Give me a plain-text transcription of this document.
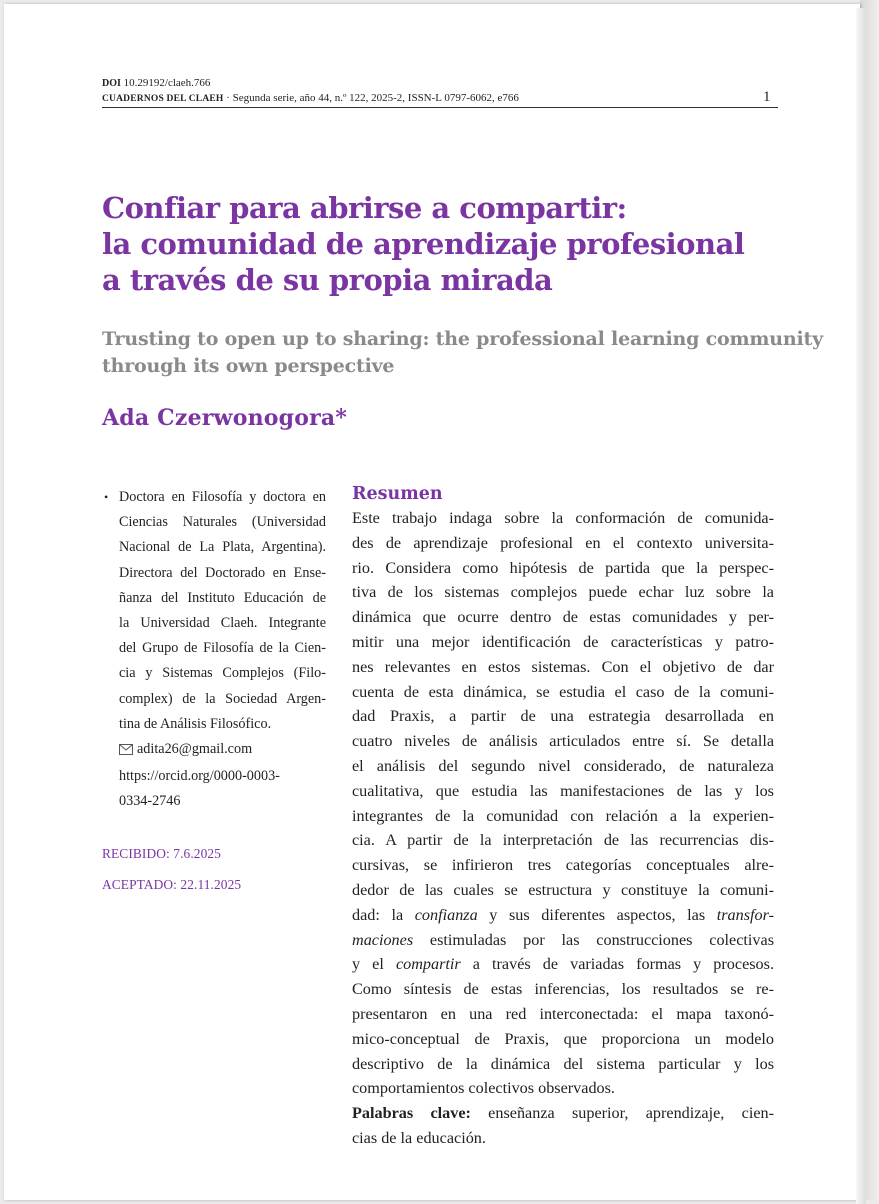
DOI 10.29192/claeh.766
CUADERNOS DEL CLAEH · Segunda serie, año 44, n.º 122, 2025-2, ISSN-L 0797-6062, e766	1
Confiar para abrirse a compartir:
la comunidad de aprendizaje profesional
a través de su propia mirada
Trusting to open up to sharing: the professional learning community
through its own perspective
Ada Czerwonogora*
• Doctora en Filosofía y doctora en
Ciencias Naturales (Universidad
Nacional de La Plata, Argentina).
Directora del Doctorado en Ense-
ñanza del Instituto Educación de
la Universidad Claeh. Integrante
del Grupo de Filosofía de la Cien-
cia y Sistemas Complejos (Filo-
complex) de la Sociedad Argen-
tina de Análisis Filosófico.
adita26@gmail.com
https://orcid.org/0000-0003-
0334-2746
RECIBIDO: 7.6.2025
ACEPTADO: 22.11.2025
Resumen
Este trabajo indaga sobre la conformación de comunida-
des de aprendizaje profesional en el contexto universita-
rio. Considera como hipótesis de partida que la perspec-
tiva de los sistemas complejos puede echar luz sobre la
dinámica que ocurre dentro de estas comunidades y per-
mitir una mejor identificación de características y patro-
nes relevantes en estos sistemas. Con el objetivo de dar
cuenta de esta dinámica, se estudia el caso de la comuni-
dad Praxis, a partir de una estrategia desarrollada en
cuatro niveles de análisis articulados entre sí. Se detalla
el análisis del segundo nivel considerado, de naturaleza
cualitativa, que estudia las manifestaciones de las y los
integrantes de la comunidad con relación a la experien-
cia. A partir de la interpretación de las recurrencias dis-
cursivas, se infirieron tres categorías conceptuales alre-
dedor de las cuales se estructura y constituye la comuni-
dad: la confianza y sus diferentes aspectos, las transfor-
maciones estimuladas por las construcciones colectivas
y el compartir a través de variadas formas y procesos.
Como síntesis de estas inferencias, los resultados se re-
presentaron en una red interconectada: el mapa taxonó-
mico-conceptual de Praxis, que proporciona un modelo
descriptivo de la dinámica del sistema particular y los
comportamientos colectivos observados.
Palabras clave: enseñanza superior, aprendizaje, cien-
cias de la educación.
